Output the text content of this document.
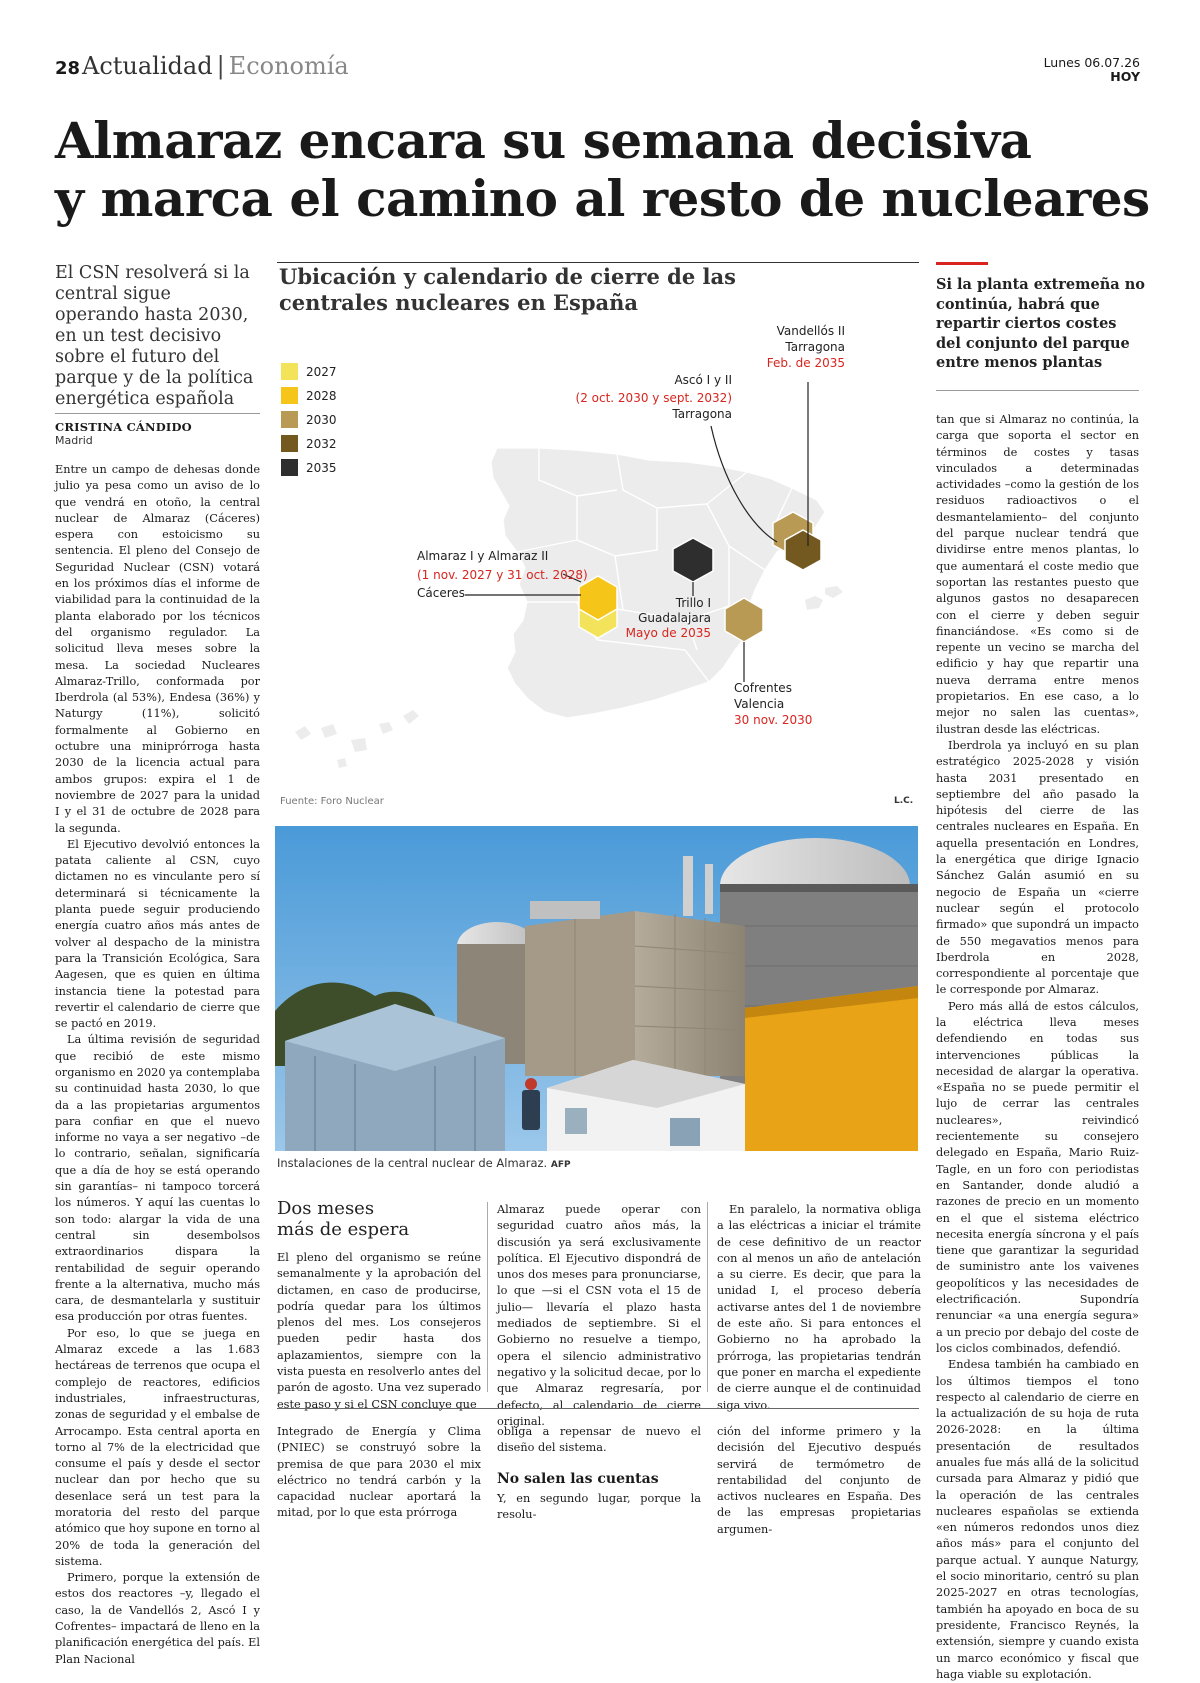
28 Actualidad | Economía	Lunes 06.07.26
HOY
Almaraz encara su semana decisiva
y marca el camino al resto de nucleares
El CSN resolverá si la central sigue operando hasta 2030, en un test decisivo sobre el futuro del parque y de la política energética española
CRISTINA CÁNDIDO
Madrid

Entre un campo de dehesas donde julio ya pesa como un aviso de lo que vendrá en otoño, la central nuclear de Almaraz (Cáceres) espera con estoicismo su sentencia. El pleno del Consejo de Seguridad Nuclear (CSN) votará en los próximos días el informe de viabilidad para la continuidad de la planta elaborado por los técnicos del organismo regulador. La solicitud lleva meses sobre la mesa. La sociedad Nucleares Almaraz-Trillo, conformada por Iberdrola (al 53%), Endesa (36%) y Naturgy (11%), solicitó formalmente al Gobierno en octubre una miniprórroga hasta 2030 de la licencia actual para ambos grupos: expira el 1 de noviembre de 2027 para la unidad I y el 31 de octubre de 2028 para la segunda.

El Ejecutivo devolvió entonces la patata caliente al CSN, cuyo dictamen no es vinculante pero sí determinará si técnicamente la planta puede seguir produciendo energía cuatro años más antes de volver al despacho de la ministra para la Transición Ecológica, Sara Aagesen, que es quien en última instancia tiene la potestad para revertir el calendario de cierre que se pactó en 2019.

La última revisión de seguridad que recibió de este mismo organismo en 2020 ya contemplaba su continuidad hasta 2030, lo que da a las propietarias argumentos para confiar en que el nuevo informe no vaya a ser negativo –de lo contrario, señalan, significaría que a día de hoy se está operando sin garantías– ni tampoco torcerá los números. Y aquí las cuentas lo son todo: alargar la vida de una central sin desembolsos extraordinarios dispara la rentabilidad de seguir operando frente a la alternativa, mucho más cara, de desmantelarla y sustituir esa producción por otras fuentes.

Por eso, lo que se juega en Almaraz excede a las 1.683 hectáreas de terrenos que ocupa el complejo de reactores, edificios industriales, infraestructuras, zonas de seguridad y el embalse de Arrocampo. Esta central aporta en torno al 7% de la electricidad que consume el país y desde el sector nuclear dan por hecho que su desenlace será un test para la moratoria del resto del parque atómico que hoy supone en torno al 20% de toda la generación del sistema.

Primero, porque la extensión de estos dos reactores –y, llegado el caso, la de Vandellós 2, Ascó I y Cofrentes– impactará de lleno en la planificación energética del país. El Plan Nacional

Ubicación y calendario de cierre de las centrales nucleares en España
2027
2028
2030
2032
2035
Vandellós II
Tarragona
Feb. de 2035
Ascó I y II
(2 oct. 2030 y sept. 2032)
Tarragona
Almaraz I y Almaraz II
(1 nov. 2027 y 31 oct. 2028)
Cáceres
Trillo I
Guadalajara
Mayo de 2035
Cofrentes
Valencia
30 nov. 2030
Fuente: Foro Nuclear	L.C.
Instalaciones de la central nuclear de Almaraz. AFP
Dos meses
más de espera

El pleno del organismo se reúne semanalmente y la aprobación del dictamen, en caso de producirse, podría quedar para los últimos plenos del mes. Los consejeros pueden pedir hasta dos aplazamientos, siempre con la vista puesta en resolverlo antes del parón de agosto. Una vez superado este paso y si el CSN concluye que

Almaraz puede operar con seguridad cuatro años más, la discusión ya será exclusivamente política. El Ejecutivo dispondrá de unos dos meses para pronunciarse, lo que —si el CSN vota el 15 de julio— llevaría el plazo hasta mediados de septiembre. Si el Gobierno no resuelve a tiempo, opera el silencio administrativo negativo y la solicitud decae, por lo que Almaraz regresaría, por defecto, al calendario de cierre original.

En paralelo, la normativa obliga a las eléctricas a iniciar el trámite de cese definitivo de un reactor con al menos un año de antelación a su cierre. Es decir, que para la unidad I, el proceso debería activarse antes del 1 de noviembre de este año. Si para entonces el Gobierno no ha aprobado la prórroga, las propietarias tendrán que poner en marcha el expediente de cierre aunque el de continuidad siga vivo.

Integrado de Energía y Clima (PNIEC) se construyó sobre la premisa de que para 2030 el mix eléctrico no tendrá carbón y la capacidad nuclear aportará la mitad, por lo que esta prórroga

obliga a repensar de nuevo el diseño del sistema.

No salen las cuentas

Y, en segundo lugar, porque la resolu-

ción del informe primero y la decisión del Ejecutivo después servirá de termómetro de rentabilidad del conjunto de activos nucleares en España. Des de las empresas propietarias argumen-

Si la planta extremeña no continúa, habrá que repartir ciertos costes del conjunto del parque entre menos plantas

tan que si Almaraz no continúa, la carga que soporta el sector en términos de costes y tasas vinculados a determinadas actividades –como la gestión de los residuos radioactivos o el desmantelamiento– del conjunto del parque nuclear tendrá que dividirse entre menos plantas, lo que aumentará el coste medio que soportan las restantes puesto que algunos gastos no desaparecen con el cierre y deben seguir financiándose. «Es como si de repente un vecino se marcha del edificio y hay que repartir una nueva derrama entre menos propietarios. En ese caso, a lo mejor no salen las cuentas», ilustran desde las eléctricas.

Iberdrola ya incluyó en su plan estratégico 2025-2028 y visión hasta 2031 presentado en septiembre del año pasado la hipótesis del cierre de las centrales nucleares en España. En aquella presentación en Londres, la energética que dirige Ignacio Sánchez Galán asumió en su negocio de España un «cierre nuclear según el protocolo firmado» que supondrá un impacto de 550 megavatios menos para Iberdrola en 2028, correspondiente al porcentaje que le corresponde por Almaraz.

Pero más allá de estos cálculos, la eléctrica lleva meses defendiendo en todas sus intervenciones públicas la necesidad de alargar la operativa. «España no se puede permitir el lujo de cerrar las centrales nucleares», reivindicó recientemente su consejero delegado en España, Mario Ruiz-Tagle, en un foro con periodistas en Santander, donde aludió a razones de precio en un momento en el que el sistema eléctrico necesita energía síncrona y el país tiene que garantizar la seguridad de suministro ante los vaivenes geopolíticos y las necesidades de electrificación. Supondría renunciar «a una energía segura» a un precio por debajo del coste de los ciclos combinados, defendió.

Endesa también ha cambiado en los últimos tiempos el tono respecto al calendario de cierre en la actualización de su hoja de ruta 2026-2028: en la última presentación de resultados anuales fue más allá de la solicitud cursada para Almaraz y pidió que la operación de las centrales nucleares españolas se extienda «en números redondos unos diez años más» para el conjunto del parque actual. Y aunque Naturgy, el socio minoritario, centró su plan 2025-2027 en otras tecnologías, también ha apoyado en boca de su presidente, Francisco Reynés, la extensión, siempre y cuando exista un marco económico y fiscal que haga viable su explotación.
